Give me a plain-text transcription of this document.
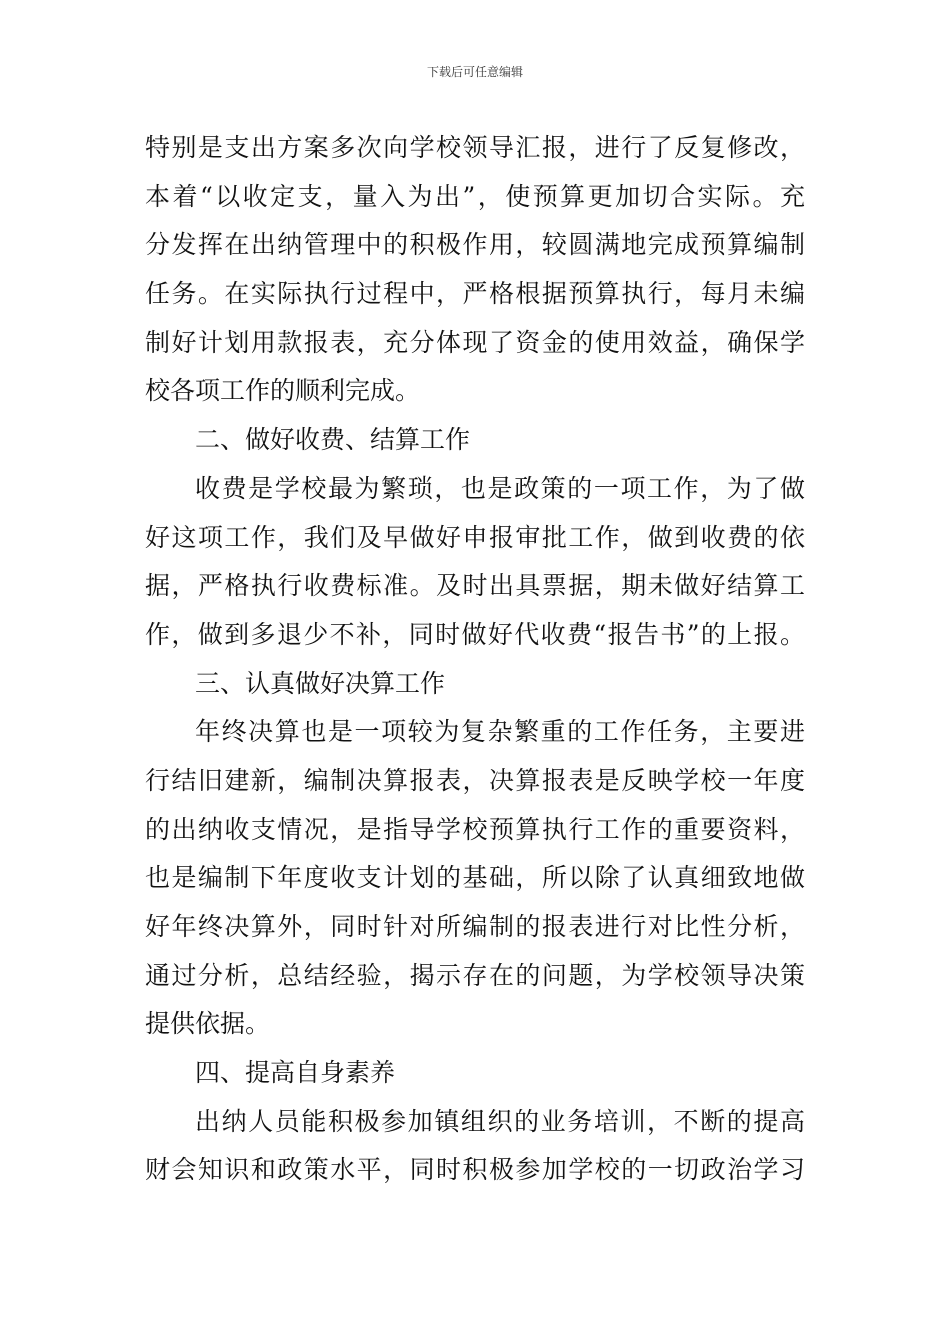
下载后可任意编辑
特别是支出方案多次向学校领导汇报，进行了反复修改，
本着“以收定支，量入为出”，使预算更加切合实际。充
分发挥在出纳管理中的积极作用，较圆满地完成预算编制
任务。在实际执行过程中，严格根据预算执行，每月未编
制好计划用款报表，充分体现了资金的使用效益，确保学
校各项工作的顺利完成。
二、做好收费、结算工作
收费是学校最为繁琐，也是政策的一项工作，为了做
好这项工作，我们及早做好申报审批工作，做到收费的依
据，严格执行收费标准。及时出具票据，期未做好结算工
作，做到多退少不补，同时做好代收费“报告书”的上报。
三、认真做好决算工作
年终决算也是一项较为复杂繁重的工作任务，主要进
行结旧建新，编制决算报表，决算报表是反映学校一年度
的出纳收支情况，是指导学校预算执行工作的重要资料，
也是编制下年度收支计划的基础，所以除了认真细致地做
好年终决算外，同时针对所编制的报表进行对比性分析，
通过分析，总结经验，揭示存在的问题，为学校领导决策
提供依据。
四、提高自身素养
出纳人员能积极参加镇组织的业务培训，不断的提高
财会知识和政策水平，同时积极参加学校的一切政治学习
